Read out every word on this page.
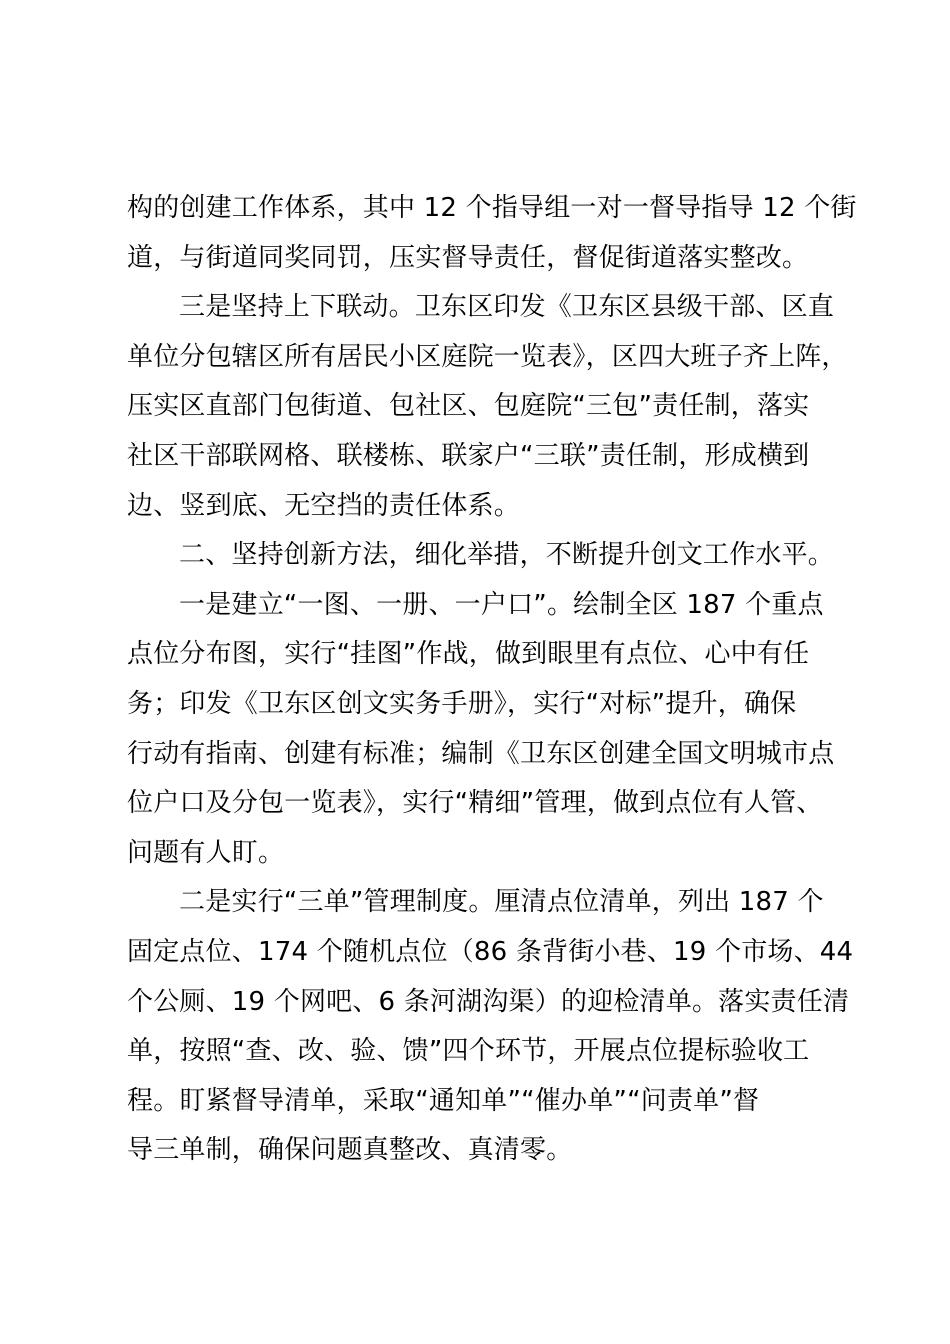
构的创建工作体系，其中 12 个指导组一对一督导指导 12 个街
道，与街道同奖同罚，压实督导责任，督促街道落实整改。
三是坚持上下联动。卫东区印发《卫东区县级干部、区直
单位分包辖区所有居民小区庭院一览表》，区四大班子齐上阵，
压实区直部门包街道、包社区、包庭院“三包”责任制，落实
社区干部联网格、联楼栋、联家户“三联”责任制，形成横到
边、竖到底、无空挡的责任体系。
二、坚持创新方法，细化举措，不断提升创文工作水平。
一是建立“一图、一册、一户口”。绘制全区 187 个重点
点位分布图，实行“挂图”作战，做到眼里有点位、心中有任
务；印发《卫东区创文实务手册》，实行“对标”提升，确保
行动有指南、创建有标准；编制《卫东区创建全国文明城市点
位户口及分包一览表》，实行“精细”管理，做到点位有人管、
问题有人盯。
二是实行“三单”管理制度。厘清点位清单，列出 187 个
固定点位、174 个随机点位（86 条背街小巷、19 个市场、44
个公厕、19 个网吧、6 条河湖沟渠）的迎检清单。落实责任清
单，按照“查、改、验、馈”四个环节，开展点位提标验收工
程。盯紧督导清单，采取“通知单”“催办单”“问责单”督
导三单制，确保问题真整改、真清零。
